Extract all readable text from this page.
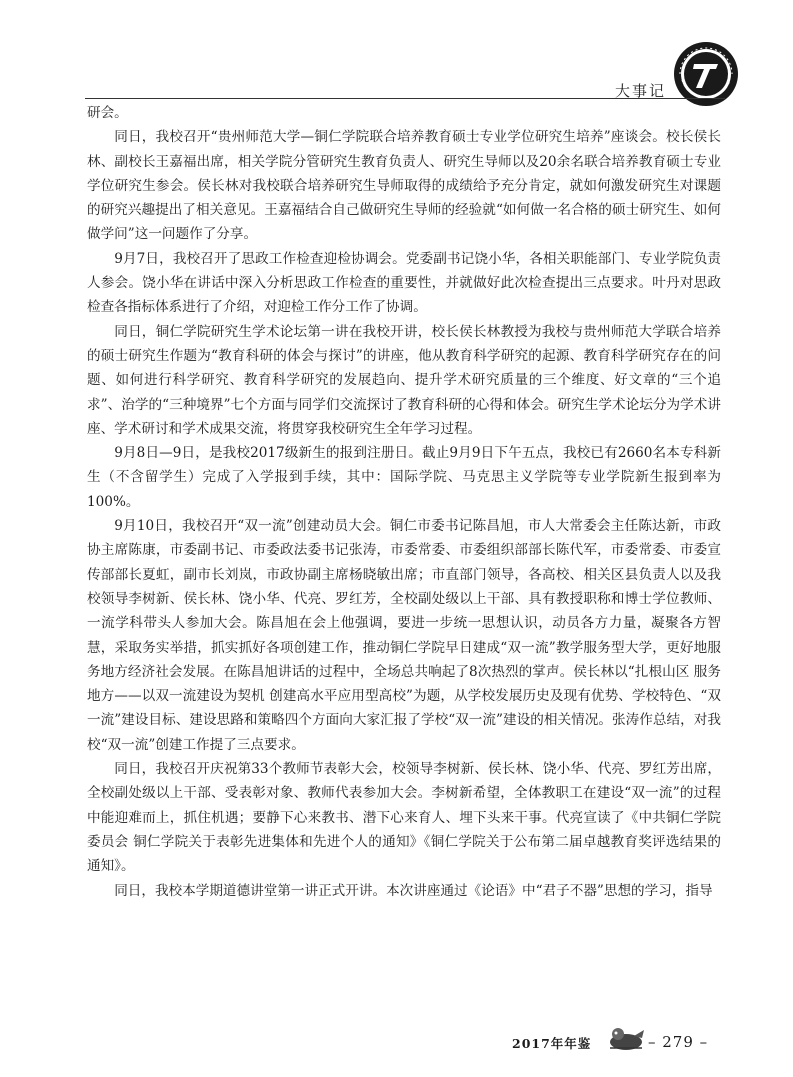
大事记

研会。

同日，我校召开“贵州师范大学—铜仁学院联合培养教育硕士专业学位研究生培养”座谈会。校长侯长林、副校长王嘉福出席，相关学院分管研究生教育负责人、研究生导师以及20余名联合培养教育硕士专业学位研究生参会。侯长林对我校联合培养研究生导师取得的成绩给予充分肯定，就如何激发研究生对课题的研究兴趣提出了相关意见。王嘉福结合自己做研究生导师的经验就“如何做一名合格的硕士研究生、如何做学问”这一问题作了分享。

9月7日，我校召开了思政工作检查迎检协调会。党委副书记饶小华，各相关职能部门、专业学院负责人参会。饶小华在讲话中深入分析思政工作检查的重要性，并就做好此次检查提出三点要求。叶丹对思政检查各指标体系进行了介绍，对迎检工作分工作了协调。

同日，铜仁学院研究生学术论坛第一讲在我校开讲，校长侯长林教授为我校与贵州师范大学联合培养的硕士研究生作题为“教育科研的体会与探讨”的讲座，他从教育科学研究的起源、教育科学研究存在的问题、如何进行科学研究、教育科学研究的发展趋向、提升学术研究质量的三个维度、好文章的“三个追求”、治学的“三种境界”七个方面与同学们交流探讨了教育科研的心得和体会。研究生学术论坛分为学术讲座、学术研讨和学术成果交流，将贯穿我校研究生全年学习过程。

9月8日—9日，是我校2017级新生的报到注册日。截止9月9日下午五点，我校已有2660名本专科新生（不含留学生）完成了入学报到手续，其中：国际学院、马克思主义学院等专业学院新生报到率为100%。

9月10日，我校召开“双一流”创建动员大会。铜仁市委书记陈昌旭，市人大常委会主任陈达新，市政协主席陈康，市委副书记、市委政法委书记张涛，市委常委、市委组织部部长陈代军，市委常委、市委宣传部部长夏虹，副市长刘岚，市政协副主席杨晓敏出席；市直部门领导，各高校、相关区县负责人以及我校领导李树新、侯长林、饶小华、代亮、罗红芳，全校副处级以上干部、具有教授职称和博士学位教师、一流学科带头人参加大会。陈昌旭在会上他强调，要进一步统一思想认识，动员各方力量，凝聚各方智慧，采取务实举措，抓实抓好各项创建工作，推动铜仁学院早日建成“双一流”教学服务型大学，更好地服务地方经济社会发展。在陈昌旭讲话的过程中，全场总共响起了8次热烈的掌声。侯长林以“扎根山区 服务地方——以双一流建设为契机 创建高水平应用型高校”为题，从学校发展历史及现有优势、学校特色、“双一流”建设目标、建设思路和策略四个方面向大家汇报了学校“双一流”建设的相关情况。张涛作总结，对我校“双一流”创建工作提了三点要求。

同日，我校召开庆祝第33个教师节表彰大会，校领导李树新、侯长林、饶小华、代亮、罗红芳出席，全校副处级以上干部、受表彰对象、教师代表参加大会。李树新希望，全体教职工在建设“双一流”的过程中能迎难而上，抓住机遇；要静下心来教书、潜下心来育人、埋下头来干事。代亮宣读了《中共铜仁学院委员会 铜仁学院关于表彰先进集体和先进个人的通知》《铜仁学院关于公布第二届卓越教育奖评选结果的通知》。

同日，我校本学期道德讲堂第一讲正式开讲。本次讲座通过《论语》中“君子不器”思想的学习，指导

2017年年鉴	– 279 –
